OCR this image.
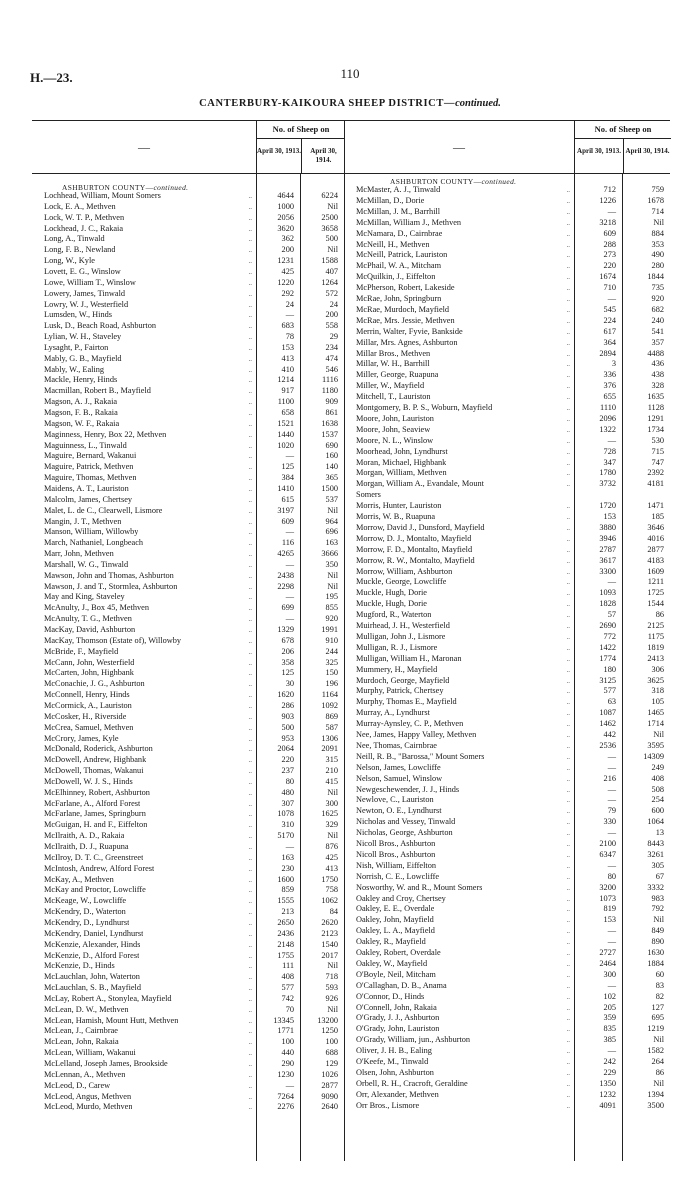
H.—23.	110
CANTERBURY-KAIKOURA SHEEP DISTRICT—continued.
—
No. of Sheep on
April 30, 1913.	April 30, 1914.
ASHBURTON COUNTY—continued.
Lochhead, William, Mount Somers	..	4644	6224
Lock, E. A., Methven	..	1000	Nil
Lock, W. T. P., Methven	..	2056	2500
Lockhead, J. C., Rakaia	..	3620	3658
Long, A., Tinwald	..	362	500
Long, F. B., Newland	..	200	Nil
Long, W., Kyle	..	1231	1588
Lovett, E. G., Winslow	..	425	407
Lowe, William T., Winslow	..	1220	1264
Lowery, James, Tinwald	..	292	572
Lowry, W. J., Westerfield	..	24	24
Lumsden, W., Hinds	..	—	200
Lusk, D., Beach Road, Ashburton	..	683	558
Lylian, W. H., Staveley	..	78	29
Lysaght, P., Fairton	..	153	234
Mably, G. B., Mayfield	..	413	474
Mably, W., Ealing	..	410	546
Mackle, Henry, Hinds	..	1214	1116
Macmillan, Robert B., Mayfield	..	917	1180
Magson, A. J., Rakaia	..	1100	909
Magson, F. B., Rakaia	..	658	861
Magson, W. F., Rakaia	..	1521	1638
Maginness, Henry, Box 22, Methven	..	1440	1537
Maguinness, L., Tinwald	..	1020	690
Maguire, Bernard, Wakanui	..	—	160
Maguire, Patrick, Methven	..	125	140
Maguire, Thomas, Methven	..	384	365
Maidens, A. T., Lauriston	..	1410	1500
Malcolm, James, Chertsey	..	615	537
Malet, L. de C., Clearwell, Lismore	..	3197	Nil
Mangin, J. T., Methven	..	609	964
Manson, William, Willowby	..	—	696
March, Nathaniel, Longbeach	..	116	163
Marr, John, Methven	..	4265	3666
Marshall, W. G., Tinwald	..	—	350
Mawson, John and Thomas, Ashburton	..	2438	Nil
Mawson, J. and T., Stormlea, Ashburton	..	2298	Nil
May and King, Staveley	..	—	195
McAnulty, J., Box 45, Methven	..	699	855
McAnulty, T. G., Methven	..	—	920
MacKay, David, Ashburton	..	1329	1991
MacKay, Thomson (Estate of), Willowby	..	678	910
McBride, F., Mayfield	..	206	244
McCann, John, Westerfield	..	358	325
McCarten, John, Highbank	..	125	150
McConachie, J. G., Ashburton	..	30	196
McConnell, Henry, Hinds	..	1620	1164
McCormick, A., Lauriston	..	286	1092
McCosker, H., Riverside	..	903	869
McCrea, Samuel, Methven	..	500	587
McCrory, James, Kyle	..	953	1306
McDonald, Roderick, Ashburton	..	2064	2091
McDowell, Andrew, Highbank	..	220	315
McDowell, Thomas, Wakanui	..	237	210
McDowell, W. J. S., Hinds	..	80	415
McElhinney, Robert, Ashburton	..	480	Nil
McFarlane, A., Alford Forest	..	307	300
McFarlane, James, Springburn	..	1078	1625
McGuigan, H. and F., Eiffelton	..	310	329
McIlraith, A. D., Rakaia	..	5170	Nil
McIlraith, D. J., Ruapuna	..	—	876
McIlroy, D. T. C., Greenstreet	..	163	425
McIntosh, Andrew, Alford Forest	..	230	413
McKay, A., Methven	..	1600	1750
McKay and Proctor, Lowcliffe	..	859	758
McKeage, W., Lowcliffe	..	1555	1062
McKendry, D., Waterton	..	213	84
McKendry, D., Lyndhurst	..	2650	2620
McKendry, Daniel, Lyndhurst	..	2436	2123
McKenzie, Alexander, Hinds	..	2148	1540
McKenzie, D., Alford Forest	..	1755	2017
McKenzie, D., Hinds	..	111	Nil
McLauchlan, John, Waterton	..	408	718
McLauchlan, S. B., Mayfield	..	577	593
McLay, Robert A., Stonylea, Mayfield	..	742	926
McLean, D. W., Methven	..	70	Nil
McLean, Hamish, Mount Hutt, Methven	..	13345	13200
McLean, J., Cairnbrae	..	1771	1250
McLean, John, Rakaia	..	100	100
McLean, William, Wakanui	..	440	688
McLelland, Joseph James, Brookside	..	290	129
McLennan, A., Methven	..	1230	1026
McLeod, D., Carew	..	—	2877
McLeod, Angus, Methven	..	7264	9090
McLeod, Murdo, Methven	..	2276	2640
—
No. of Sheep on
April 30, 1913. April 30, 1914.
ASHBURTON COUNTY—continued.
McMaster, A. J., Tinwald	..	712	759
McMillan, D., Dorie	..	1226	1678
McMillan, J. M., Barrhill	..	—	714
McMillan, William J., Methven	..	3218	Nil
McNamara, D., Cairnbrae	..	609	884
McNeill, H., Methven	..	288	353
McNeill, Patrick, Lauriston	..	273	490
McPhail, W. A., Mitcham	..	220	280
McQuilkin, J., Eiffelton	..	1674	1844
McPherson, Robert, Lakeside	..	710	735
McRae, John, Springburn	..	—	920
McRae, Murdoch, Mayfield	..	545	682
McRae, Mrs. Jessie, Methven	..	224	240
Merrin, Walter, Fyvie, Bankside	..	617	541
Millar, Mrs. Agnes, Ashburton	..	364	357
Millar Bros., Methven	..	2894	4488
Millar, W. H., Barrhill	..	3	436
Miller, George, Ruapuna	..	336	438
Miller, W., Mayfield	..	376	328
Mitchell, T., Lauriston	..	655	1635
Montgomery, B. P. S., Woburn, Mayfield	..	1110	1128
Moore, John, Lauriston	..	2096	1291
Moore, John, Seaview	..	1322	1734
Moore, N. L., Winslow	..	—	530
Moorhead, John, Lyndhurst	..	728	715
Moran, Michael, Highbank	..	347	747
Morgan, William, Methven	..	1780	2392
Morgan, William A., Evandale, Mount	..	3732	4181
Somers
Morris, Hunter, Lauriston	..	1720	1471
Morris, W. B., Ruapuna	..	153	185
Morrow, David J., Dunsford, Mayfield	..	3880	3646
Morrow, D. J., Montalto, Mayfield	..	3946	4016
Morrow, F. D., Montalto, Mayfield	..	2787	2877
Morrow, R. W., Montalto, Mayfield	..	3617	4183
Morrow, William, Ashburton	..	3300	1609
Muckle, George, Lowcliffe	..	—	1211
Muckle, Hugh, Dorie	..	1093	1725
Muckle, Hugh, Dorie	..	1828	1544
Mugford, R., Waterton	..	57	86
Muirhead, J. H., Westerfield	..	2690	2125
Mulligan, John J., Lismore	..	772	1175
Mulligan, R. J., Lismore	..	1422	1819
Mulligan, William H., Maronan	..	1774	2413
Mummery, H., Mayfield	..	180	306
Murdoch, George, Mayfield	..	3125	3625
Murphy, Patrick, Chertsey	..	577	318
Murphy, Thomas E., Mayfield	..	63	105
Murray, A., Lyndhurst	..	1087	1465
Murray-Aynsley, C. P., Methven	..	1462	1714
Nee, James, Happy Valley, Methven	..	442	Nil
Nee, Thomas, Cairnbrae	..	2536	3595
Neill, R. B., "Barossa," Mount Somers	..	—	14309
Nelson, James, Lowcliffe	..	—	249
Nelson, Samuel, Winslow	..	216	408
Newgeschewender, J. J., Hinds	..	—	508
Newlove, C., Lauriston	..	—	254
Newton, O. E., Lyndhurst	..	79	600
Nicholas and Vessey, Tinwald	..	330	1064
Nicholas, George, Ashburton	..	—	13
Nicoll Bros., Ashburton	..	2100	8443
Nicoll Bros., Ashburton	..	6347	3261
Nish, William, Eiffelton	..	—	305
Norrish, C. E., Lowcliffe	..	80	67
Nosworthy, W. and R., Mount Somers	..	3200	3332
Oakley and Croy, Chertsey	..	1073	983
Oakley, E. E., Overdale	..	819	792
Oakley, John, Mayfield	..	153	Nil
Oakley, L. A., Mayfield	..	—	849
Oakley, R., Mayfield	..	—	890
Oakley, Robert, Overdale	..	2727	1630
Oakley, W., Mayfield	..	2464	1884
O'Boyle, Neil, Mitcham	..	300	60
O'Callaghan, D. B., Anama	..	—	83
O'Connor, D., Hinds	..	102	82
O'Connell, John, Rakaia	..	205	127
O'Grady, J. J., Ashburton	..	359	695
O'Grady, John, Lauriston	..	835	1219
O'Grady, William, jun., Ashburton	..	385	Nil
Oliver, J. H. B., Ealing	..	—	1582
O'Keefe, M., Tinwald	..	242	264
Olsen, John, Ashburton	..	229	86
Orbell, R. H., Cracroft, Geraldine	..	1350	Nil
Orr, Alexander, Methven	..	1232	1394
Orr Bros., Lismore	..	4091	3500
